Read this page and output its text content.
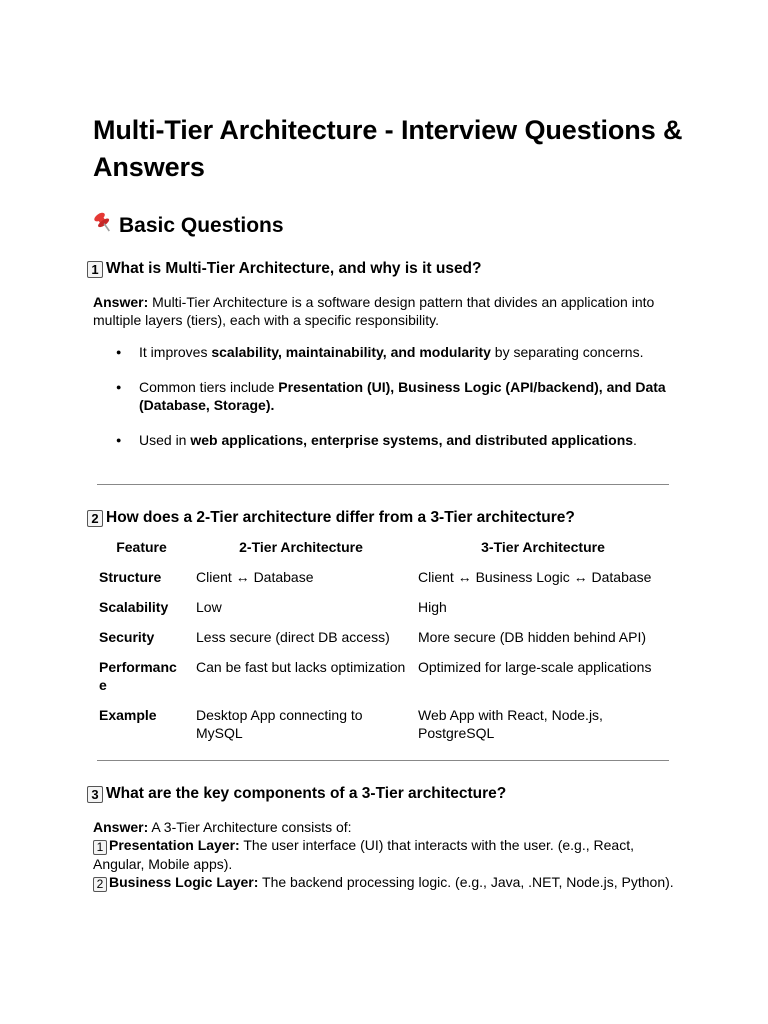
Multi-Tier Architecture - Interview Questions & Answers
Basic Questions
1 What is Multi-Tier Architecture, and why is it used?

Answer: Multi-Tier Architecture is a software design pattern that divides an application into multiple layers (tiers), each with a specific responsibility.

● It improves scalability, maintainability, and modularity by separating concerns.
● Common tiers include Presentation (UI), Business Logic (API/backend), and Data (Database, Storage).
● Used in web applications, enterprise systems, and distributed applications.
2 How does a 2-Tier architecture differ from a 3-Tier architecture?
Feature	2-Tier Architecture	3-Tier Architecture
Structure	Client ↔ Database	Client ↔ Business Logic ↔ Database
Scalability	Low	High
Security	Less secure (direct DB access)	More secure (DB hidden behind API)
Performance	Can be fast but lacks optimization	Optimized for large-scale applications
Example	Desktop App connecting to MySQL	Web App with React, Node.js, PostgreSQL
3 What are the key components of a 3-Tier architecture?

Answer: A 3-Tier Architecture consists of:

1 Presentation Layer: The user interface (UI) that interacts with the user. (e.g., React, Angular, Mobile apps).

2 Business Logic Layer: The backend processing logic. (e.g., Java, .NET, Node.js, Python).
